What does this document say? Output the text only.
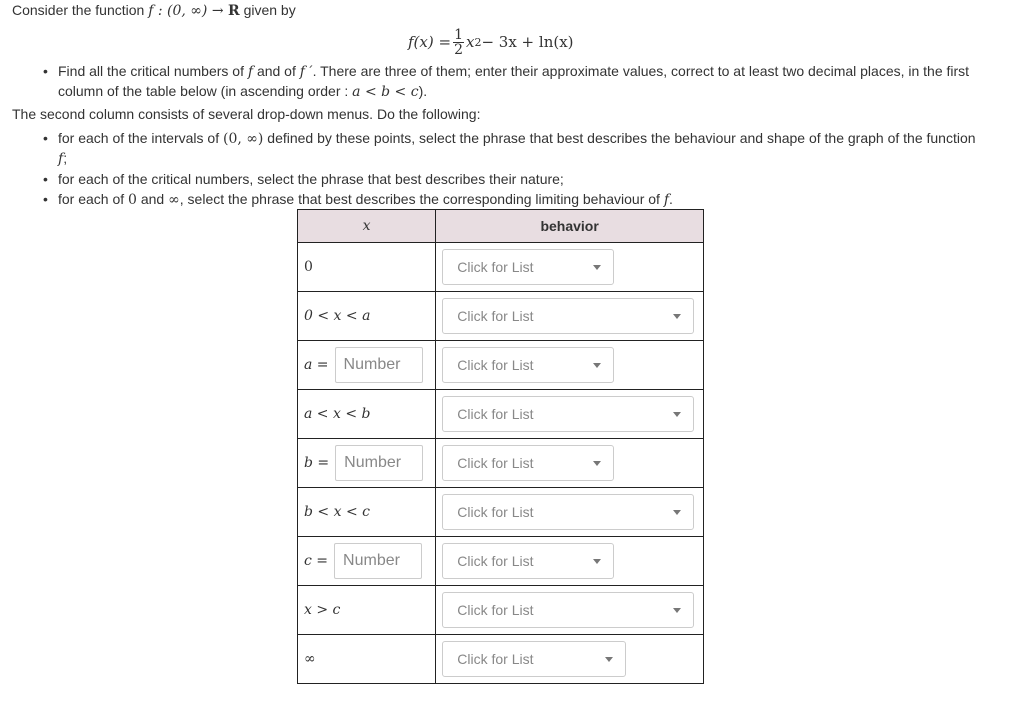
Consider the function f : (0, ∞) → R given by
$f(x) = \frac{1}{2}$ x 2 − 3x + ln(x)
• Find all the critical numbers of f and of f ′. There are three of them; enter their approximate values, correct to at least two decimal places, in the first column of the table below (in ascending order : a < b < c).
The second column consists of several drop-down menus. Do the following:
• for each of the intervals of (0, ∞) defined by these points, select the phrase that best describes the behaviour and shape of the graph of the function f;
• for each of the critical numbers, select the phrase that best describes their nature;
• for each of 0 and ∞, select the phrase that best describes the corresponding limiting behaviour of f.
x	behavior
0	Click for List

0 < x < a	Click for List

a = Number	Click for List

a < x < b	Click for List

b = Number	Click for List

b < x < c	Click for List

c = Number	Click for List

x > c	Click for List

∞	Click for List
